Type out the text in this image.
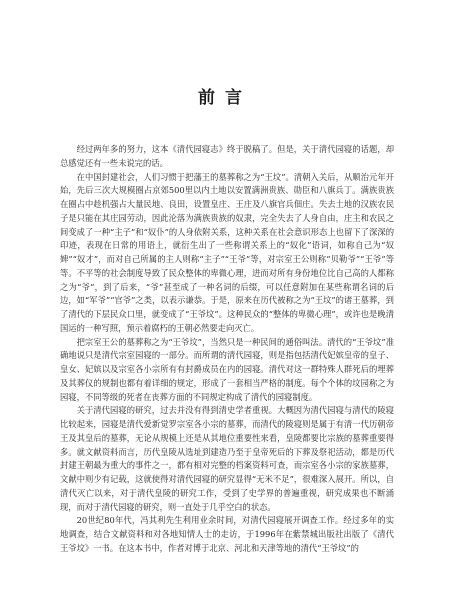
前言

经过两年多的努力，这本《清代园寝志》终于脱稿了。但是，关于清代园寝的话题，却总感觉还有一些未说完的话。

在中国封建社会，人们习惯于把藩王的墓葬称之为“王坟”。清朝入关后，从顺治元年开始，先后三次大规模圈占京郊500里以内土地以安置满洲贵族、勋臣和八旗兵丁。满族贵族在圈占中趁机强占大量民地、良田，设置皇庄、王庄及八旗官兵佃庄。失去土地的汉族农民子是只能在其庄园劳动，因此沦落为满族贵族的奴隶，完全失去了人身自由，庄主和农民之间变成了一种“主子”和“奴仆”的人身依附关系，这种关系在社会意识形态上也留下了深深的印迹，表现在日常的用语上，就衍生出了一些称谓关系上的“奴化”语词，如称自己为“奴婢”“奴才”，而对自己所属的主人则称“主子”“王爷”等，对宗室王公则称“贝勒爷”“王爷”等等。不平等的社会制度导致了民众整体的卑微心理，进而对所有身份地位比自己高的人都称之为“爷”，到了后来，“爷”甚至成了一种名词的后缀，可以任意附加在某些称谓名词的后边，如“军爷”“官爷”之类，以表示谦恭。于是，原来在历代被称之为“王坟”的诸王墓葬，到了清代的下层民众口里，就变成了“王爷坟”。这种民众的“整体的卑微心理”，或许也是晚清国运的一种写照，预示着腐朽的王朝必然要走向灭亡。

把宗室王公的墓葬称之为“王爷坟”，当然只是一种民间的通俗叫法。清代的“王爷坟”准确地说只是清代宗室园寝的一部分。而所谓的清代园寝，则是指包括清代妃嫔皇帝的皇子、皇女、妃嫔以及宗室各小宗所有有封爵成员在内的园寝。清代对这一群特殊人群死后的埋葬及其葬仪的规制也都有着详细的规定，形成了一套相当严格的制度。每个个体的坟园称之为园寝，不同等级的死者在丧葬方面的不同规定构成了清代的园寝制度。

关于清代园寝的研究，过去并没有得到清史学者重视。大概因为清代园寝与清代的陵寝比较起来，园寝是清代爱新觉罗宗室各小宗的墓葬，而清代的陵寝则是属于有清一代历朝帝王及其皇后的墓葬，无论从规模上还是从其地位重要性来看，皇陵都要比宗族的墓葬重要得多。就文献资料而言，历代皇陵从选址到建造乃至于皇帝死后的下葬及祭祀活动，都是历代封建王朝最为重大的事件之一，都有相对完整的档案资料可查，而宗室各小宗的家族墓葬，文献中则少有记载，这就使得对清代园寝的研究显得“无米不足”，很难深入展开。所以，自清代灭亡以来，对于清代皇陵的研究工作，受到了史学界的普遍重视，研究成果也不断涌现，而对于清代园寝的研究，则一直处于几乎空白的状态。

20世纪80年代，冯其利先生利用业余时间，对清代园寝展开调查工作。经过多年的实地调查，结合文献资料和对各地知情人士的走访，于1996年在紫禁城出版社出版了《清代王爷坟》一书。在这本书中，作者对博于北京、河北和天津等地的清代“王爷坟”的
